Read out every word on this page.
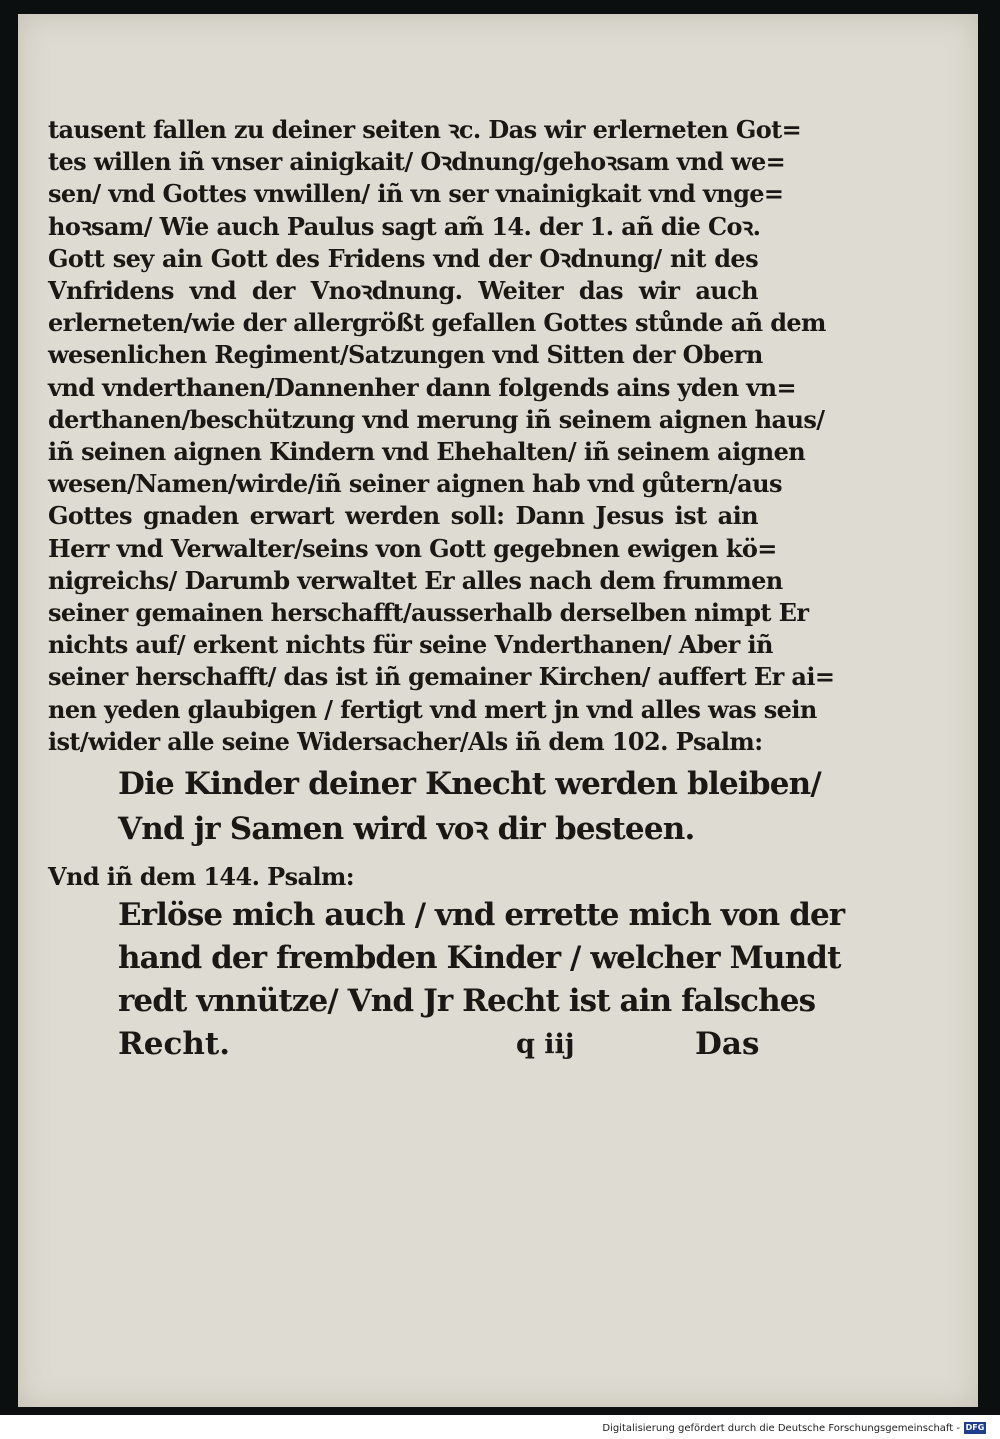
tausent fallen zu deiner seiten ꝛc. Das wir erlerneten Got=
tes willen iñ vnser ainigkait/ Oꝛdnung/gehoꝛsam vnd we=
sen/ vnd Gottes vnwillen/ iñ vn ser vnainigkait vnd vnge=
hoꝛsam/ Wie auch Paulus sagt am̃ 14. der 1. añ die Coꝛ.
Gott sey ain Gott des Fridens vnd der Oꝛdnung/ nit des
Vnfridens vnd der Vnoꝛdnung. Weiter das wir auch
erlerneten/wie der allergrößt gefallen Gottes stůnde añ dem
wesenlichen Regiment/Satzungen vnd Sitten der Obern
vnd vnderthanen/Dannenher dann folgends ains yden vn=
derthanen/beschützung vnd merung iñ seinem aignen haus/
iñ seinen aignen Kindern vnd Ehehalten/ iñ seinem aignen
wesen/Namen/wirde/iñ seiner aignen hab vnd gůtern/aus
Gottes gnaden erwart werden soll: Dann Jesus ist ain
Herr vnd Verwalter/seins von Gott gegebnen ewigen kö=
nigreichs/ Darumb verwaltet Er alles nach dem frummen
seiner gemainen herschafft/ausserhalb derselben nimpt Er
nichts auf/ erkent nichts für seine Vnderthanen/ Aber iñ
seiner herschafft/ das ist iñ gemainer Kirchen/ auffert Er ai=
nen yeden glaubigen / fertigt vnd mert jn vnd alles was sein
ist/wider alle seine Widersacher/Als iñ dem 102. Psalm:
Die Kinder deiner Knecht werden bleiben/
Vnd jr Samen wird voꝛ dir besteen.
Vnd iñ dem 144. Psalm:
Erlöse mich auch / vnd errette mich von der
hand der frembden Kinder / welcher Mundt
redt vnnütze/ Vnd Jr Recht ist ain falsches
Recht.	q iij	Das
Digitalisierung gefördert durch die Deutsche Forschungsgemeinschaft - DFG
